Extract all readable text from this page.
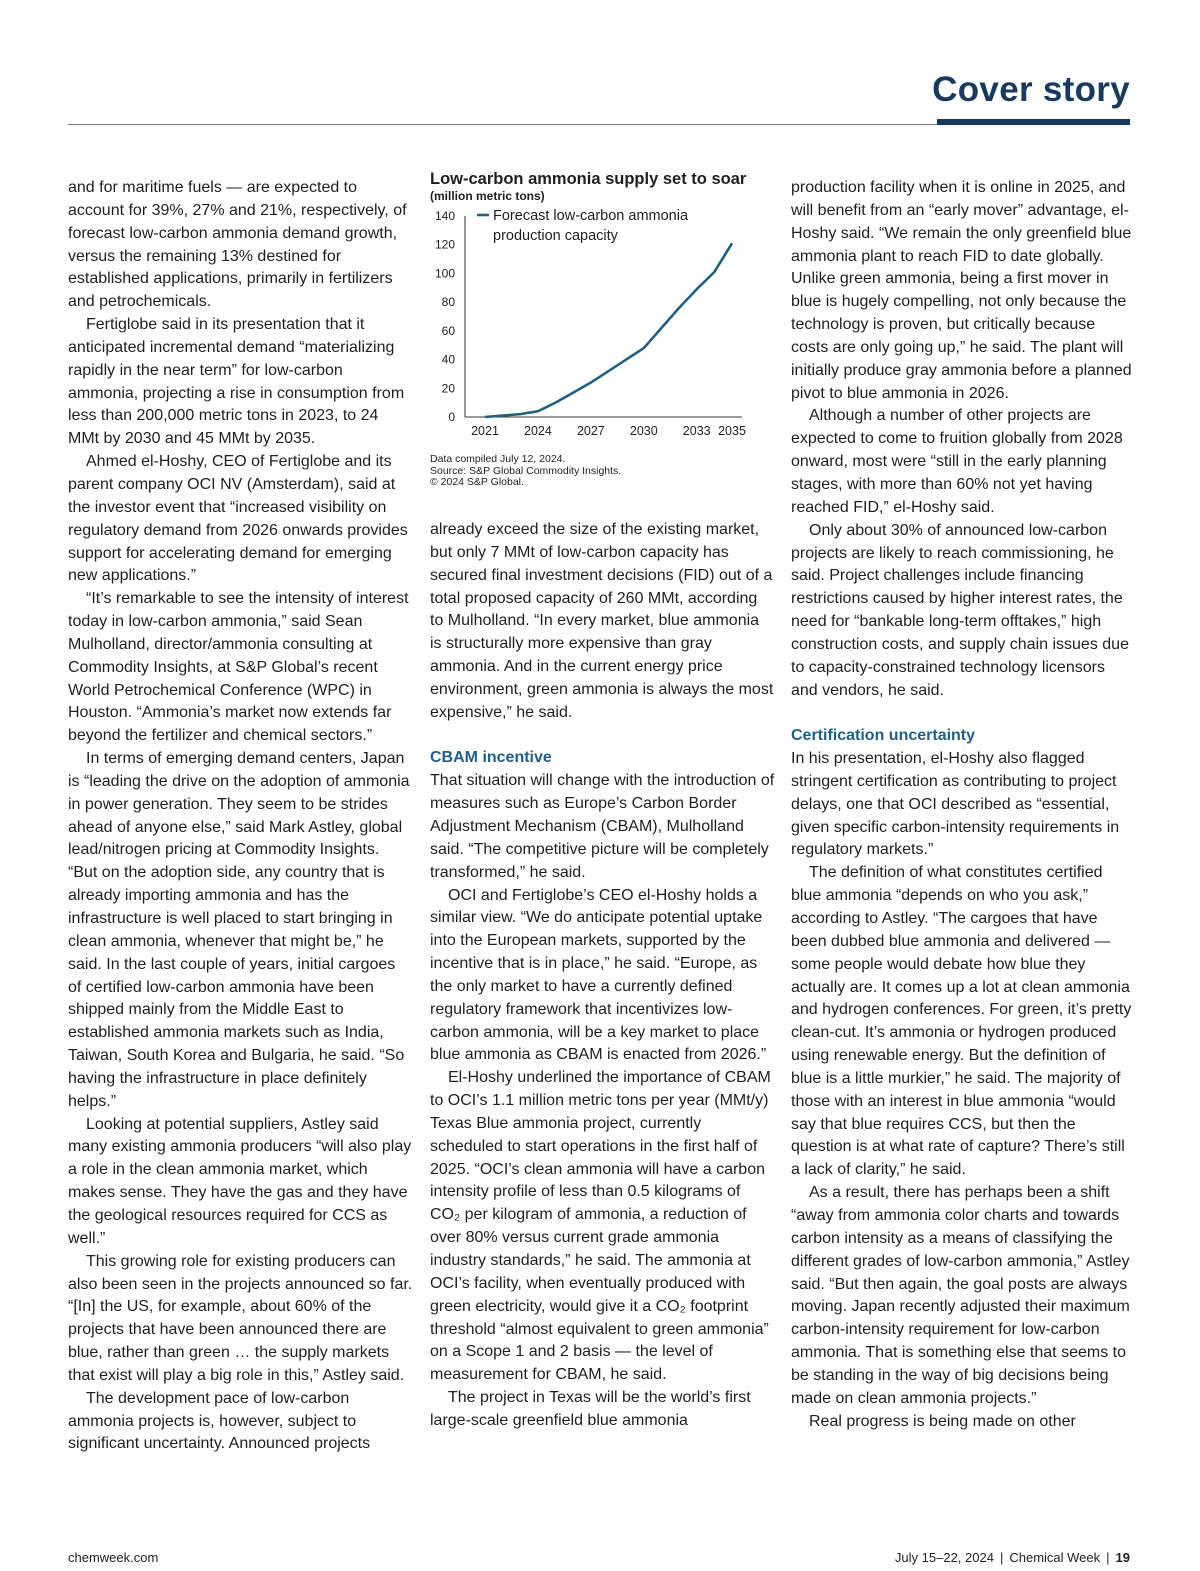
Cover story

and for maritime fuels — are expected to account for 39%, 27% and 21%, respectively, of forecast low-carbon ammonia demand growth, versus the remaining 13% destined for established applications, primarily in fertilizers and petrochemicals.

Fertiglobe said in its presentation that it anticipated incremental demand “materializing rapidly in the near term” for low-carbon ammonia, projecting a rise in consumption from less than 200,000 metric tons in 2023, to 24 MMt by 2030 and 45 MMt by 2035.

Ahmed el-Hoshy, CEO of Fertiglobe and its parent company OCI NV (Amsterdam), said at the investor event that “increased visibility on regulatory demand from 2026 onwards provides support for accelerating demand for emerging new applications.”

“It’s remarkable to see the intensity of interest today in low-carbon ammonia,” said Sean Mulholland, director/ammonia consulting at Commodity Insights, at S&P Global’s recent World Petrochemical Conference (WPC) in Houston. “Ammonia’s market now extends far beyond the fertilizer and chemical sectors.”

In terms of emerging demand centers, Japan is “leading the drive on the adoption of ammonia in power generation. They seem to be strides ahead of anyone else,” said Mark Astley, global lead/nitrogen pricing at Commodity Insights. “But on the adoption side, any country that is already importing ammonia and has the infrastructure is well placed to start bringing in clean ammonia, whenever that might be,” he said. In the last couple of years, initial cargoes of certified low-carbon ammonia have been shipped mainly from the Middle East to established ammonia markets such as India, Taiwan, South Korea and Bulgaria, he said. “So having the infrastructure in place definitely helps.”

Looking at potential suppliers, Astley said many existing ammonia producers “will also play a role in the clean ammonia market, which makes sense. They have the gas and they have the geological resources required for CCS as well.”

This growing role for existing producers can also been seen in the projects announced so far. “[In] the US, for example, about 60% of the projects that have been announced there are blue, rather than green … the supply markets that exist will play a big role in this,” Astley said.

The development pace of low-carbon ammonia projects is, however, subject to significant uncertainty. Announced projects

Low-carbon ammonia supply set to soar
(million metric tons)
0
20
40
60
80
100
120
140
2021 2024 2027 2030 2033 2035
Forecast low-carbon ammonia
production capacity
Data compiled July 12, 2024.
Source: S&P Global Commodity Insights.
© 2024 S&P Global.

already exceed the size of the existing market, but only 7 MMt of low-carbon capacity has secured final investment decisions (FID) out of a total proposed capacity of 260 MMt, according to Mulholland. “In every market, blue ammonia is structurally more expensive than gray ammonia. And in the current energy price environment, green ammonia is always the most expensive,” he said.

CBAM incentive

That situation will change with the introduction of measures such as Europe’s Carbon Border Adjustment Mechanism (CBAM), Mulholland said. “The competitive picture will be completely transformed,” he said.

OCI and Fertiglobe’s CEO el-Hoshy holds a similar view. “We do anticipate potential uptake into the European markets, supported by the incentive that is in place,” he said. “Europe, as the only market to have a currently defined regulatory framework that incentivizes low-carbon ammonia, will be a key market to place blue ammonia as CBAM is enacted from 2026.”

El-Hoshy underlined the importance of CBAM to OCI’s 1.1 million metric tons per year (MMt/y) Texas Blue ammonia project, currently scheduled to start operations in the first half of 2025. “OCI’s clean ammonia will have a carbon intensity profile of less than 0.5 kilograms of CO₂ per kilogram of ammonia, a reduction of over 80% versus current grade ammonia industry standards,” he said. The ammonia at OCI’s facility, when eventually produced with green electricity, would give it a CO₂ footprint threshold “almost equivalent to green ammonia” on a Scope 1 and 2 basis — the level of measurement for CBAM, he said.

The project in Texas will be the world’s first large-scale greenfield blue ammonia

production facility when it is online in 2025, and will benefit from an “early mover” advantage, el-Hoshy said. “We remain the only greenfield blue ammonia plant to reach FID to date globally. Unlike green ammonia, being a first mover in blue is hugely compelling, not only because the technology is proven, but critically because costs are only going up,” he said. The plant will initially produce gray ammonia before a planned pivot to blue ammonia in 2026.

Although a number of other projects are expected to come to fruition globally from 2028 onward, most were “still in the early planning stages, with more than 60% not yet having reached FID,” el-Hoshy said.

Only about 30% of announced low-carbon projects are likely to reach commissioning, he said. Project challenges include financing restrictions caused by higher interest rates, the need for “bankable long-term offtakes,” high construction costs, and supply chain issues due to capacity-constrained technology licensors and vendors, he said.

Certification uncertainty

In his presentation, el-Hoshy also flagged stringent certification as contributing to project delays, one that OCI described as “essential, given specific carbon-intensity requirements in regulatory markets.”

The definition of what constitutes certified blue ammonia “depends on who you ask,” according to Astley. “The cargoes that have been dubbed blue ammonia and delivered — some people would debate how blue they actually are. It comes up a lot at clean ammonia and hydrogen conferences. For green, it’s pretty clean-cut. It’s ammonia or hydrogen produced using renewable energy. But the definition of blue is a little murkier,” he said. The majority of those with an interest in blue ammonia “would say that blue requires CCS, but then the question is at what rate of capture? There’s still a lack of clarity,” he said.

As a result, there has perhaps been a shift “away from ammonia color charts and towards carbon intensity as a means of classifying the different grades of low-carbon ammonia,” Astley said. “But then again, the goal posts are always moving. Japan recently adjusted their maximum carbon-intensity requirement for low-carbon ammonia. That is something else that seems to be standing in the way of big decisions being made on clean ammonia projects.”

Real progress is being made on other

chemweek.com	July 15–22, 2024 | Chemical Week | 19
